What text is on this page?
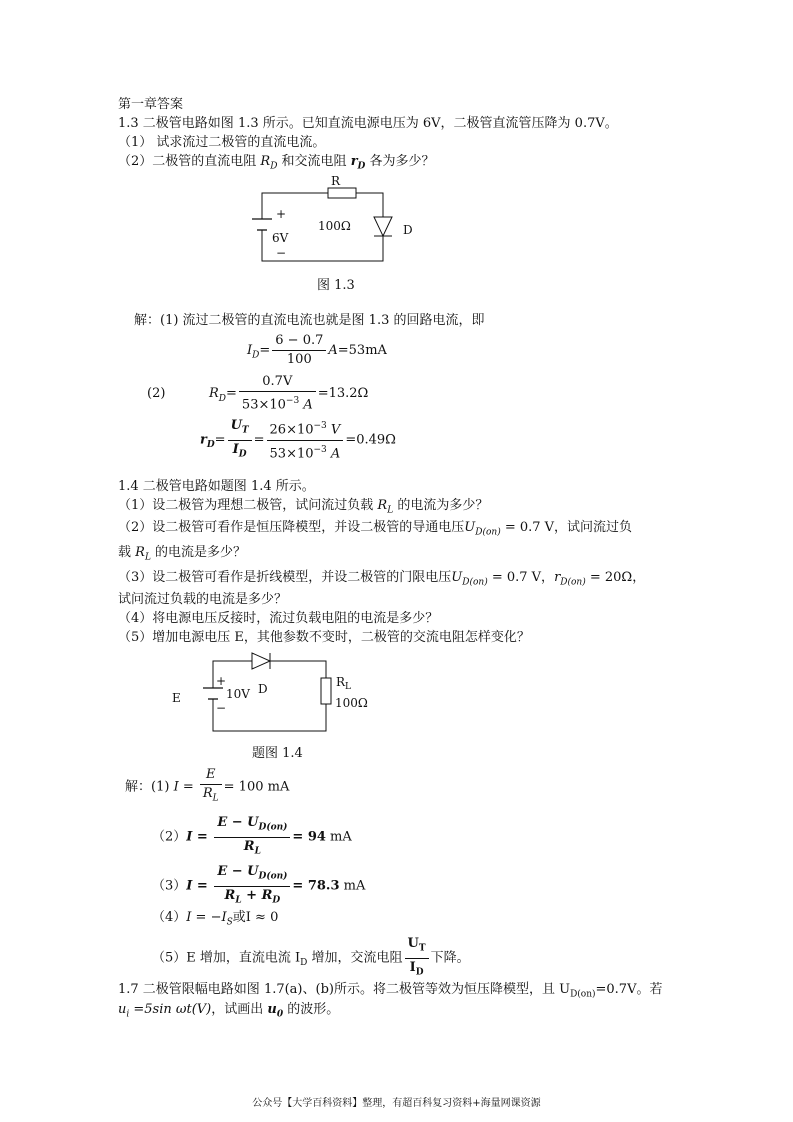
第一章答案
1.3 二极管电路如图 1.3 所示。已知直流电源电压为 6V，二极管直流管压降为 0.7V。
（1） 试求流过二极管的直流电流。
（2）二极管的直流电阻 $R_D$ 和交流电阻 $r_D$ 各为多少？
R
100Ω	D
+
6V
−
图 1.3
解：(1) 流过二极管的直流电流也就是图 1.3 的回路电流，即
$I_D= \frac{6 - 0.7}{100} A=53mA$
(2)	$R_D= \frac{0.7V}{53\times 10^{-3} A} =13.2\Omega$
$r_D= \frac{U_T}{I_D} = \frac{26\times 10^{-3} V}{53\times 10^{-3} A} =0.49\Omega$
1.4 二极管电路如题图 1.4 所示。
（1）设二极管为理想二极管，试问流过负载 $R_L$ 的电流为多少？
（2）设二极管可看作是恒压降模型，并设二极管的导通电压$U_{D(on)} = 0.7$ V，试问流过负
载 $R_L$ 的电流是多少？
（3）设二极管可看作是折线模型，并设二极管的门限电压$U_{D(on)} = 0.7$ V，$r_{D(on)} = 20\Omega$，
试问流过负载的电流是多少？
（4）将电源电压反接时，流过负载电阻的电流是多少？
（5）增加电源电压 E，其他参数不变时，二极管的交流电阻怎样变化？
E
+
−
10V D	$R_L$
100Ω
题图 1.4
解：(1) $I = \frac{E}{R_L} = 100$ mA
$(2)I = \frac{E - U_{D(on)}}{R_L} = 94$ mA
$(3)I = \frac{E - U_{D(on)}}{R_L + R_D} = 78.3$ mA
$(4)I = -I_S$或I ≈ 0
（5）E 增加，直流电流 $I_D$ 增加，交流电阻 $\frac{U_T}{I_D}$ 下降。
1.7 二极管限幅电路如图 1.7(a)、(b)所示。将二极管等效为恒压降模型，且 $U_{D(on)}=0.7V$。若
$u_i =5\sin$ ωt(V)，试画出 $u_0$ 的波形。
公众号【大学百科资料】整理，有超百科复习资料+海量网课资源
